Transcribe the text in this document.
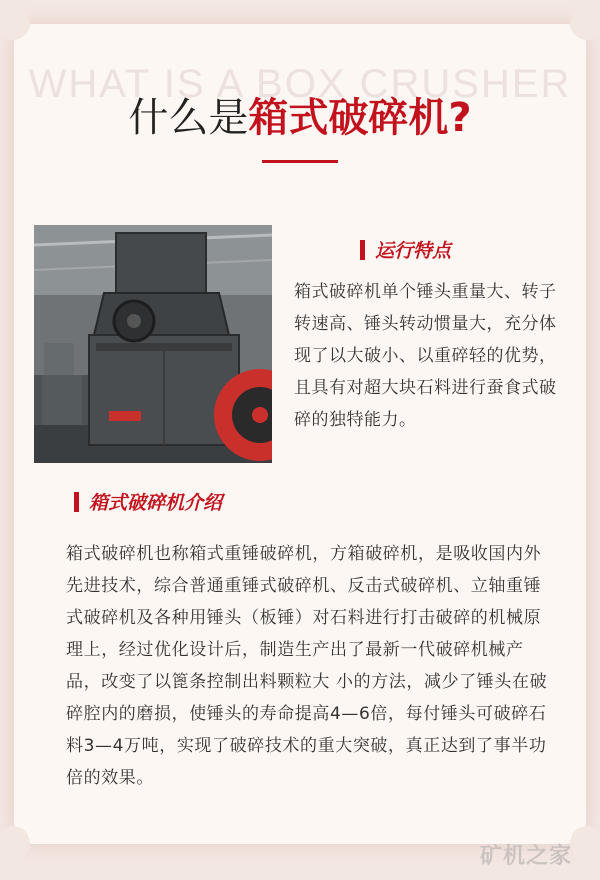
WHAT IS A BOX CRUSHER
什么是箱式破碎机?
运行特点
箱式破碎机单个锤头重量大、转子转速高、锤头转动惯量大，充分体现了以大破小、以重碎轻的优势，且具有对超大块石料进行蚕食式破碎的独特能力。
箱式破碎机介绍
箱式破碎机也称箱式重锤破碎机，方箱破碎机，是吸收国内外先进技术，综合普通重锤式破碎机、反击式破碎机、立轴重锤式破碎机及各种用锤头（板锤）对石料进行打击破碎的机械原理上，经过优化设计后，制造生产出了最新一代破碎机械产品，改变了以篦条控制出料颗粒大 小的方法，减少了锤头在破碎腔内的磨损，使锤头的寿命提高4—6倍，每付锤头可破碎石料3—4万吨，实现了破碎技术的重大突破，真正达到了事半功倍的效果。
矿机之家
